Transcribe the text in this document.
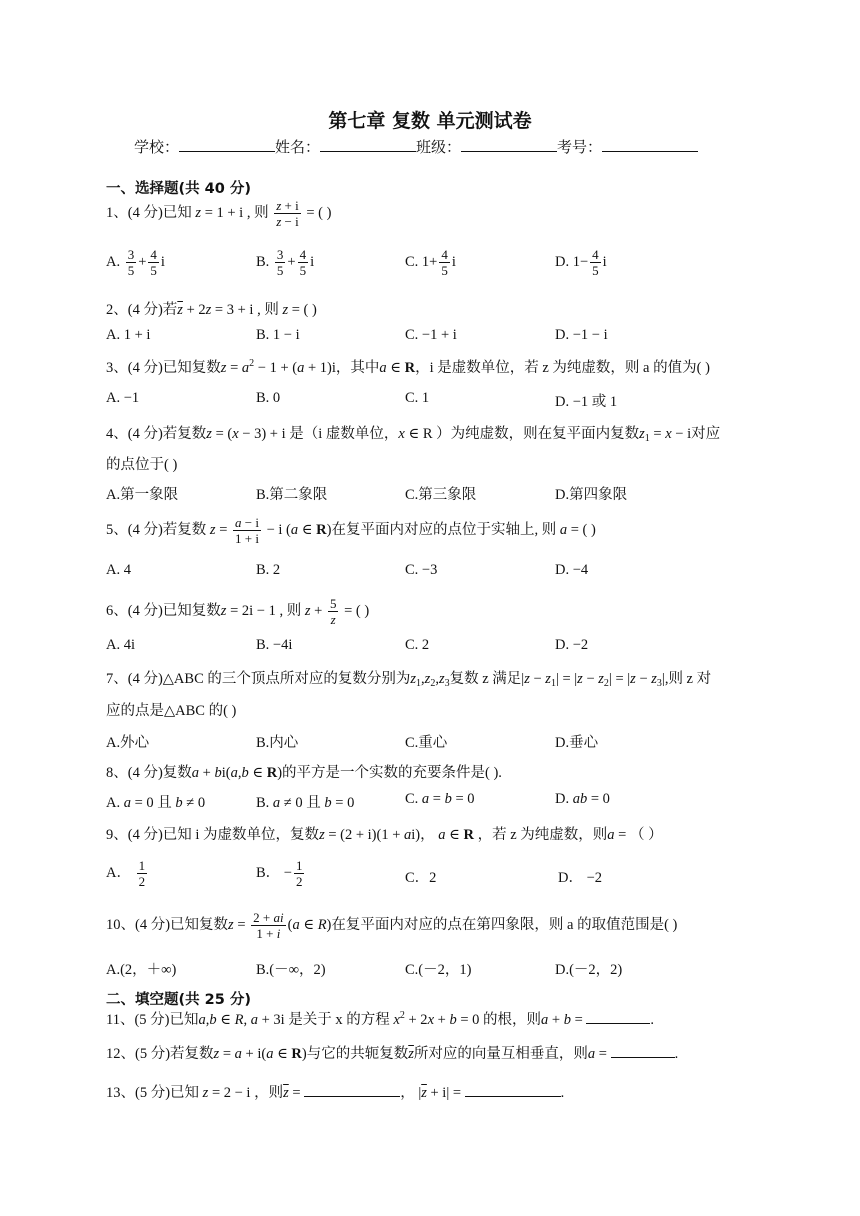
第七章 复数 单元测试卷
学校：	姓名：	班级：	考号：
一、选择题(共 40 分)
1、(4 分)已知 z = 1 + i , 则 $\frac{z + i}{z - i}$ = ( )
A. $\frac{3}{5} + \frac{4}{5}$ i	B. $\frac{3}{5} + \frac{4}{5}$ i	C. $1+ \frac{4}{5}$ i	D. $1- \frac{4}{5}$ i
2、(4 分)若$\overline{z} + 2z = 3 + i$ , 则 z = ( )
A. 1 + i	B. 1 − i	C. −1 + i	D. −1 − i
3、(4 分)已知复数$z = a^2 - 1 + (a + 1)i$，其中a ∈ R，i 是虚数单位，若 z 为纯虚数，则 a 的值为( )
A. −1	B. 0	C. 1	D. −1 或 1
4、(4 分)若复数z = (x − 3) + i 是（i 虚数单位，x ∈ R ）为纯虚数，则在复平面内复数$z_1 = x - i$对应
的点位于( )
A.第一象限	B.第二象限	C.第三象限	D.第四象限
5、(4 分)若复数 $z = \frac{a - i}{1 + i} - i$ (a ∈ R)在复平面内对应的点位于实轴上, 则 a = ( )
A. 4	B. 2	C. −3	D. −4
6、(4 分)已知复数z = 2i − 1 , 则 $z + \frac{5}{z}$ = ( )
A. 4i	B. −4i	C. 2	D. −2
7、(4 分)△ABC 的三个顶点所对应的复数分别为$z_1,z_2,z_3$复数 z 满足$|z - z_1| = |z - z_2| = |z - z_3|$,则 z 对
应的点是△ABC 的( )
A.外心	B.内心	C.重心	D.垂心
8、(4 分)复数a + bi(a,b ∈ R)的平方是一个实数的充要条件是( ).
A. a = 0 且 b ≠ 0	B. a ≠ 0 且 b = 0	C. a = b = 0	D. ab = 0
9、(4 分)已知 i 为虚数单位，复数z = (2 + i)(1 + ai)， a ∈ R ，若 z 为纯虚数，则a = （ ）
A． $\frac{1}{2}$	B． − $\frac{1}{2}$	C．2	D． −2
10、(4 分)已知复数$z = \frac{2 + ai}{1 + i} (a$ ∈ R)在复平面内对应的点在第四象限，则 a 的取值范围是( )
A.(2，＋∞)	B.(－∞，2)	C.(－2，1)	D.(－2，2)
二、填空题(共 25 分)
11、(5 分)已知a,b ∈ R, a + 3i 是关于 x 的方程 $x^2 + 2x + b = 0$ 的根，则a + b =	.
12、(5 分)若复数z = a + i(a ∈ R)与它的共轭复数$\overline{z}$所对应的向量互相垂直，则a =	.
13、(5 分)已知 z = 2 − i ，则$\overline{z}$ =	， $|\overline{z} + i|$ =	.
